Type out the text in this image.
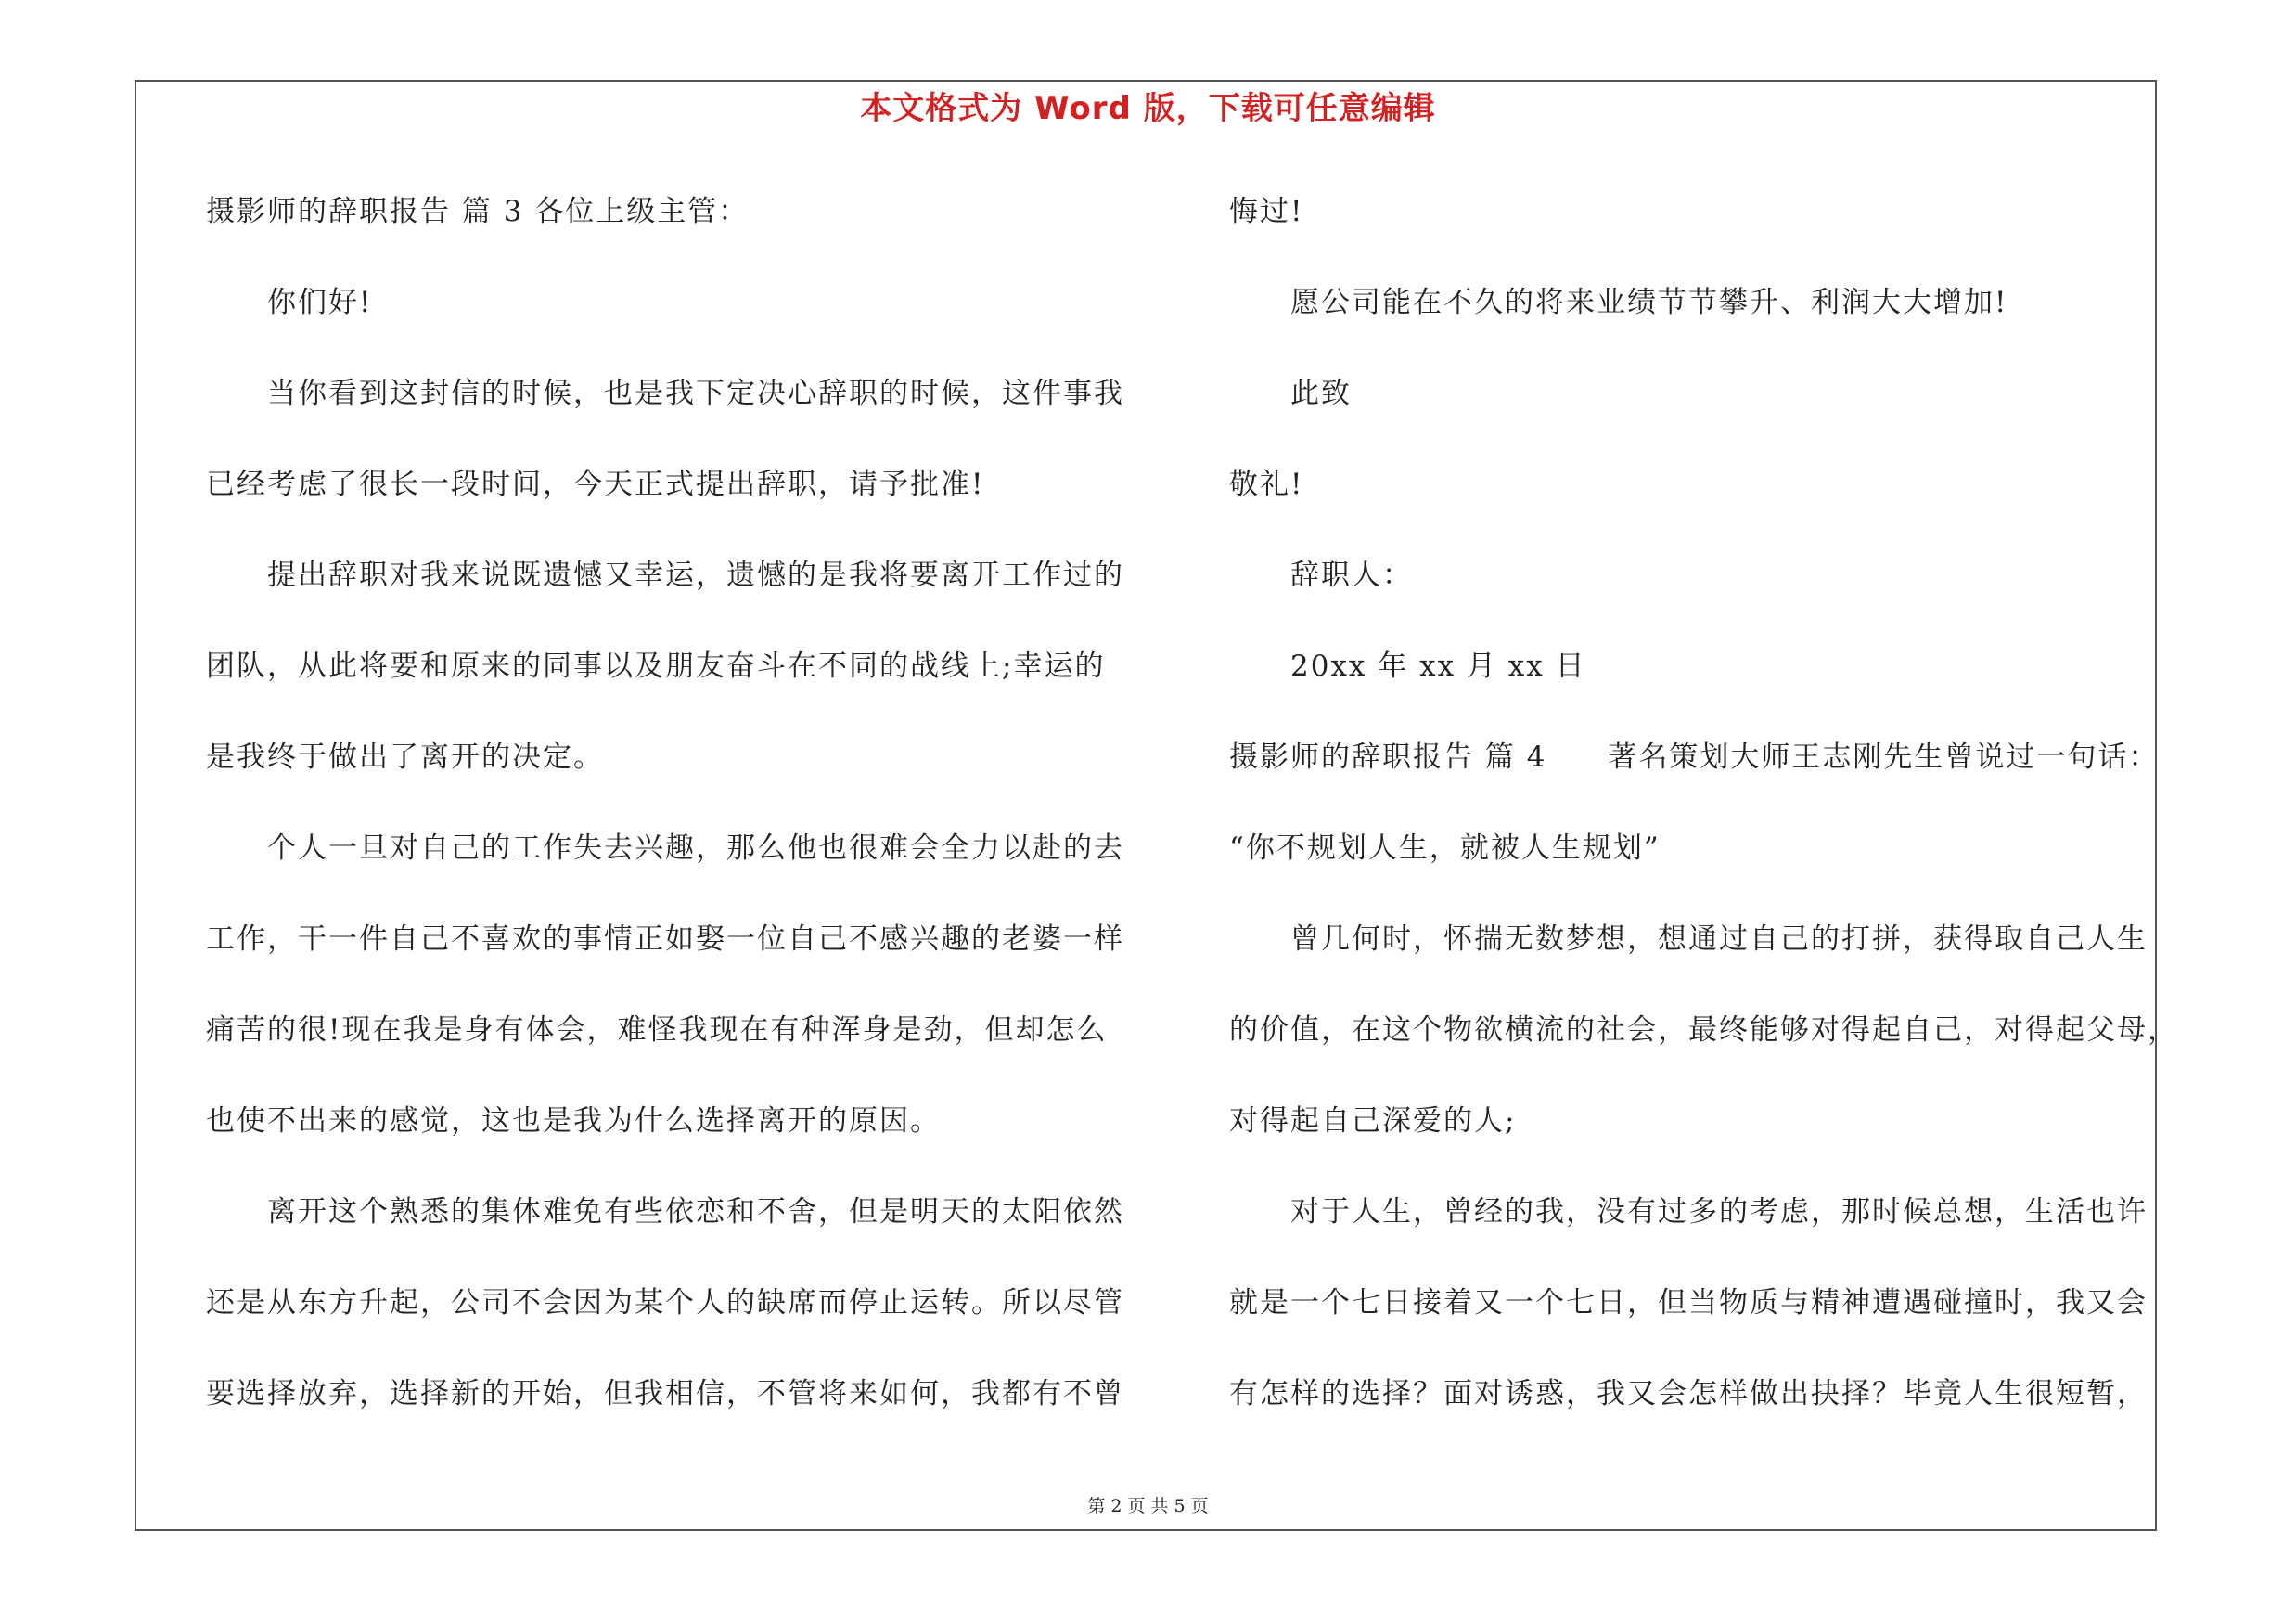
本文格式为 Word 版，下载可任意编辑
摄影师的辞职报告 篇 3 各位上级主管：
你们好!
当你看到这封信的时候，也是我下定决心辞职的时候，这件事我
已经考虑了很长一段时间，今天正式提出辞职，请予批准!
提出辞职对我来说既遗憾又幸运，遗憾的是我将要离开工作过的
团队，从此将要和原来的同事以及朋友奋斗在不同的战线上;幸运的
是我终于做出了离开的决定。
个人一旦对自己的工作失去兴趣，那么他也很难会全力以赴的去
工作，干一件自己不喜欢的事情正如娶一位自己不感兴趣的老婆一样
痛苦的很!现在我是身有体会，难怪我现在有种浑身是劲，但却怎么
也使不出来的感觉，这也是我为什么选择离开的原因。
离开这个熟悉的集体难免有些依恋和不舍，但是明天的太阳依然
还是从东方升起，公司不会因为某个人的缺席而停止运转。所以尽管
要选择放弃，选择新的开始，但我相信，不管将来如何，我都有不曾
悔过!
愿公司能在不久的将来业绩节节攀升、利润大大增加!
此致
敬礼!
辞职人：
20xx 年 xx 月 xx 日
摄影师的辞职报告 篇 4　　著名策划大师王志刚先生曾说过一句话：
“你不规划人生，就被人生规划”
曾几何时，怀揣无数梦想，想通过自己的打拼，获得取自己人生
的价值，在这个物欲横流的社会，最终能够对得起自己，对得起父母，
对得起自己深爱的人;
对于人生，曾经的我，没有过多的考虑，那时候总想，生活也许
就是一个七日接着又一个七日，但当物质与精神遭遇碰撞时，我又会
有怎样的选择？面对诱惑，我又会怎样做出抉择？毕竟人生很短暂，
第 2 页 共 5 页
